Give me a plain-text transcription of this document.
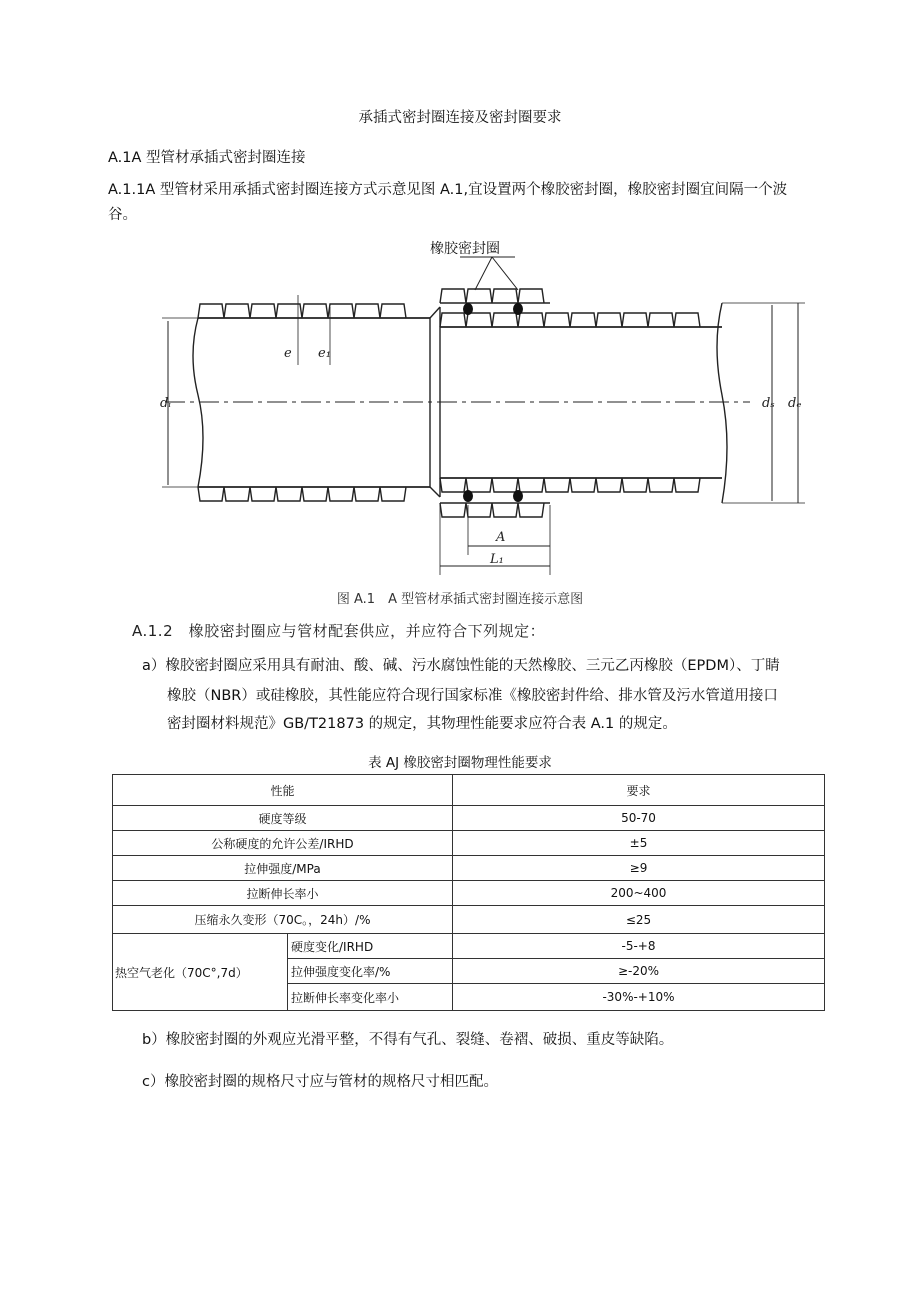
承插式密封圈连接及密封圈要求
A.1A 型管材承插式密封圈连接
A.1.1A 型管材采用承插式密封圈连接方式示意见图 A.1,宜设置两个橡胶密封圈，橡胶密封圈宜间隔一个波
谷。
dᵢ
e e₁
dₛ dₑ
A
L₁
橡胶密封圈
图 A.1　A 型管材承插式密封圈连接示意图
A.1.2　橡胶密封圈应与管材配套供应，并应符合下列规定：
a）橡胶密封圈应采用具有耐油、酸、碱、污水腐蚀性能的天然橡胶、三元乙丙橡胶（EPDM）、丁睛
橡胶（NBR）或硅橡胶，其性能应符合现行国家标准《橡胶密封件给、排水管及污水管道用接口
密封圈材料规范》GB/T21873 的规定，其物理性能要求应符合表 A.1 的规定。
表 AJ 橡胶密封圈物理性能要求
性能		要求
硬度等级		50-70
公称硬度的允许公差/IRHD		±5
拉伸强度/MPa		≥9
拉断伸长率小		200~400
压缩永久变形（70C。，24h）/%		≤25
热空气老化（70C°,7d）	硬度变化/IRHD	-5-+8
	拉伸强度变化率/%	≥-20%
	拉断伸长率变化率小	-30%-+10%
b）橡胶密封圈的外观应光滑平整，不得有气孔、裂缝、卷褶、破损、重皮等缺陷。
c）橡胶密封圈的规格尺寸应与管材的规格尺寸相匹配。
